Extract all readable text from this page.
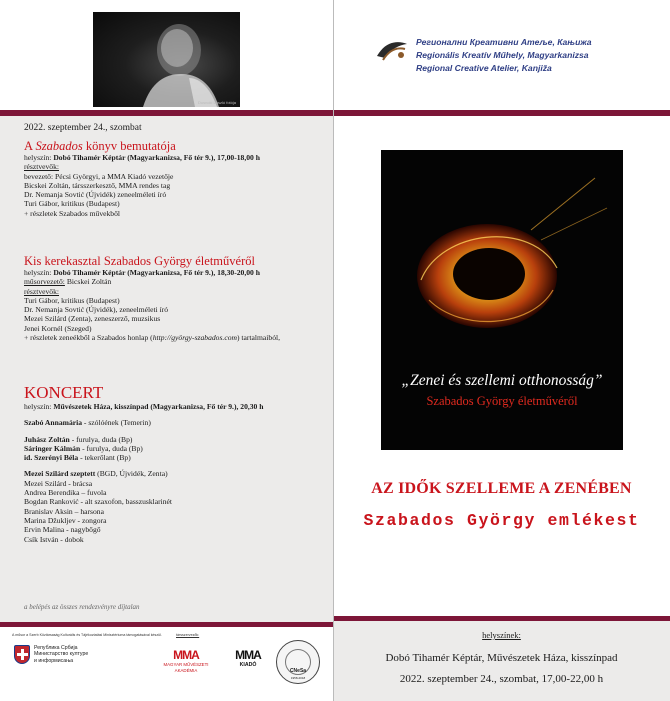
Dusnoki László fotója
2022. szeptember 24., szombat
A Szabados könyv bemutatója
helyszín: Dobó Tihamér Képtár (Magyarkanizsa, Fő tér 9.), 17,00-18,00 h
résztvevők:
bevezető: Pécsi Györgyi, a MMA Kiadó vezetője
Bicskei Zoltán, társszerkesztő, MMA rendes tag
Dr. Nemanja Sovtić (Újvidék) zeneelméleti író
Turi Gábor, kritikus (Budapest)
+ részletek Szabados művekből
Kis kerekasztal Szabados György életművéről
helyszín: Dobó Tihamér Képtár (Magyarkanizsa, Fő tér 9.), 18,30-20,00 h
műsorvezető: Bicskei Zoltán
résztvevők:
Turi Gábor, kritikus (Budapest)
Dr. Nemanja Sovtić (Újvidék), zeneelméleti író
Mezei Szilárd (Zenta), zeneszerző, muzsikus
Jenei Kornél (Szeged)
+ részletek zeneékből a Szabados honlap (http://györgy-szabados.com) tartalmaiból,
KONCERT
helyszín: Művészetek Háza, kisszínpad (Magyarkanizsa, Fő tér 9.), 20,30 h
Szabó Annamária - szólóének (Temerin)
Juhász Zoltán - furulya, duda (Bp)
Sáringer Kálmán - furulya, duda (Bp)
id. Szerényi Béla - tekerőlant (Bp)
Mezei Szilárd szeptett (BGD, Újvidék, Zenta)
Mezei Szilárd - brácsa
Andrea Berendika – fuvola
Bogdan Ranković - alt szaxofon, basszusklarinét
Branislav Aksin – harsona
Marina Džukljev - zongora
Ervin Malina - nagybőgő
Csík István - dobok
a belépés az összes rendezvényre díjtalan
A műsor a Szerb Köztársaság Kulturális és Tájékoztatási Minisztériuma támogatásával készül.	társszervezők:
Република Србија
Министарство културе
и информисања	MMA
MAGYAR MŰVÉSZETI
AKADÉMIA
MMA
KIADÓ
CNeSa
1958-2018
Регионални Креативни Атеље, Кањижа
Regionális Kreatív Műhely, Magyarkanizsa
Regional Creative Atelier, Kanjiža
„Zenei és szellemi otthonosság”
Szabados György életművéről
AZ IDŐK SZELLEME A ZENÉBEN
Szabados György emlékest
helyszínek:
Dobó Tihamér Képtár, Művészetek Háza, kisszínpad
2022. szeptember 24., szombat, 17,00-22,00 h
